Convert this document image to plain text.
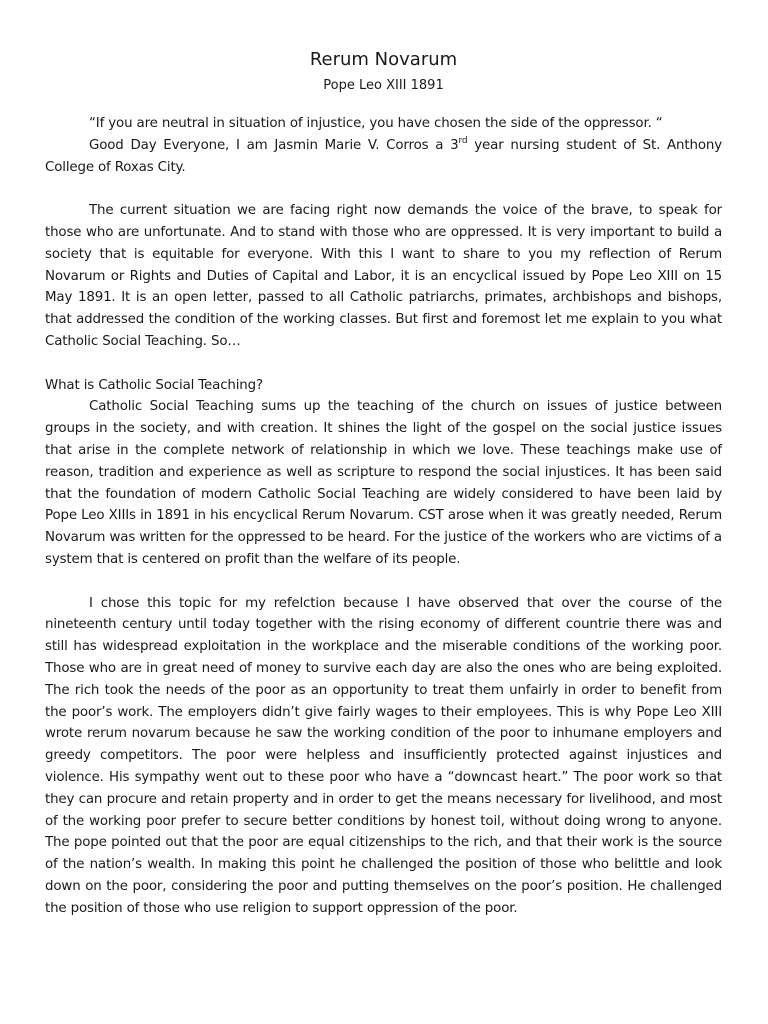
Rerum Novarum
Pope Leo XIII 1891

“If you are neutral in situation of injustice, you have chosen the side of the oppressor. “

Good Day Everyone, I am Jasmin Marie V. Corros a 3rd year nursing student of St. Anthony College of Roxas City.

The current situation we are facing right now demands the voice of the brave, to speak for those who are unfortunate. And to stand with those who are oppressed. It is very important to build a society that is equitable for everyone. With this I want to share to you my reflection of Rerum Novarum or Rights and Duties of Capital and Labor, it is an encyclical issued by Pope Leo XIII on 15 May 1891. It is an open letter, passed to all Catholic patriarchs, primates, archbishops and bishops, that addressed the condition of the working classes. But first and foremost let me explain to you what Catholic Social Teaching. So…

What is Catholic Social Teaching?

Catholic Social Teaching sums up the teaching of the church on issues of justice between groups in the society, and with creation. It shines the light of the gospel on the social justice issues that arise in the complete network of relationship in which we love. These teachings make use of reason, tradition and experience as well as scripture to respond the social injustices. It has been said that the foundation of modern Catholic Social Teaching are widely considered to have been laid by Pope Leo XIIIs in 1891 in his encyclical Rerum Novarum. CST arose when it was greatly needed, Rerum Novarum was written for the oppressed to be heard. For the justice of the workers who are victims of a system that is centered on profit than the welfare of its people.

I chose this topic for my refelction because I have observed that over the course of the nineteenth century until today together with the rising economy of different countrie there was and still has widespread exploitation in the workplace and the miserable conditions of the working poor. Those who are in great need of money to survive each day are also the ones who are being exploited. The rich took the needs of the poor as an opportunity to treat them unfairly in order to benefit from the poor’s work. The employers didn’t give fairly wages to their employees. This is why Pope Leo XIII wrote rerum novarum because he saw the working condition of the poor to inhumane employers and greedy competitors. The poor were helpless and insufficiently protected against injustices and violence. His sympathy went out to these poor who have a “downcast heart.” The poor work so that they can procure and retain property and in order to get the means necessary for livelihood, and most of the working poor prefer to secure better conditions by honest toil, without doing wrong to anyone. The pope pointed out that the poor are equal citizenships to the rich, and that their work is the source of the nation’s wealth. In making this point he challenged the position of those who belittle and look down on the poor, considering the poor and putting themselves on the poor’s position. He challenged the position of those who use religion to support oppression of the poor.
